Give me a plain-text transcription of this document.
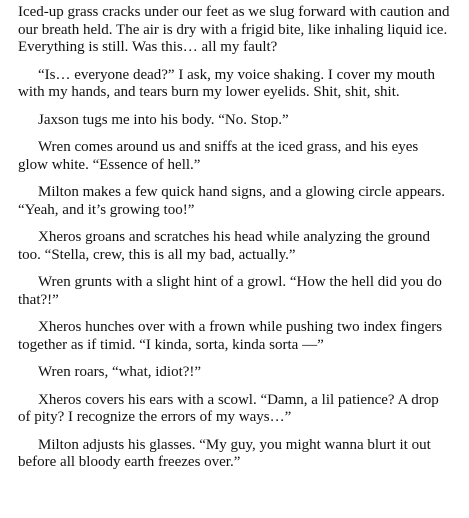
Iced-up grass cracks under our feet as we slug forward with caution and our breath held. The air is dry with a frigid bite, like inhaling liquid ice. Everything is still. Was this… all my fault?

“Is… everyone dead?” I ask, my voice shaking. I cover my mouth with my hands, and tears burn my lower eyelids. Shit, shit, shit.

Jaxson tugs me into his body. “No. Stop.”

Wren comes around us and sniffs at the iced grass, and his eyes glow white. “Essence of hell.”

Milton makes a few quick hand signs, and a glowing circle appears. “Yeah, and it’s growing too!”

Xheros groans and scratches his head while analyzing the ground too. “Stella, crew, this is all my bad, actually.”

Wren grunts with a slight hint of a growl. “How the hell did you do that?!”

Xheros hunches over with a frown while pushing two index fingers together as if timid. “I kinda, sorta, kinda sorta —”

Wren roars, “what, idiot?!”

Xheros covers his ears with a scowl. “Damn, a lil patience? A drop of pity? I recognize the errors of my ways…”

Milton adjusts his glasses. “My guy, you might wanna blurt it out before all bloody earth freezes over.”
